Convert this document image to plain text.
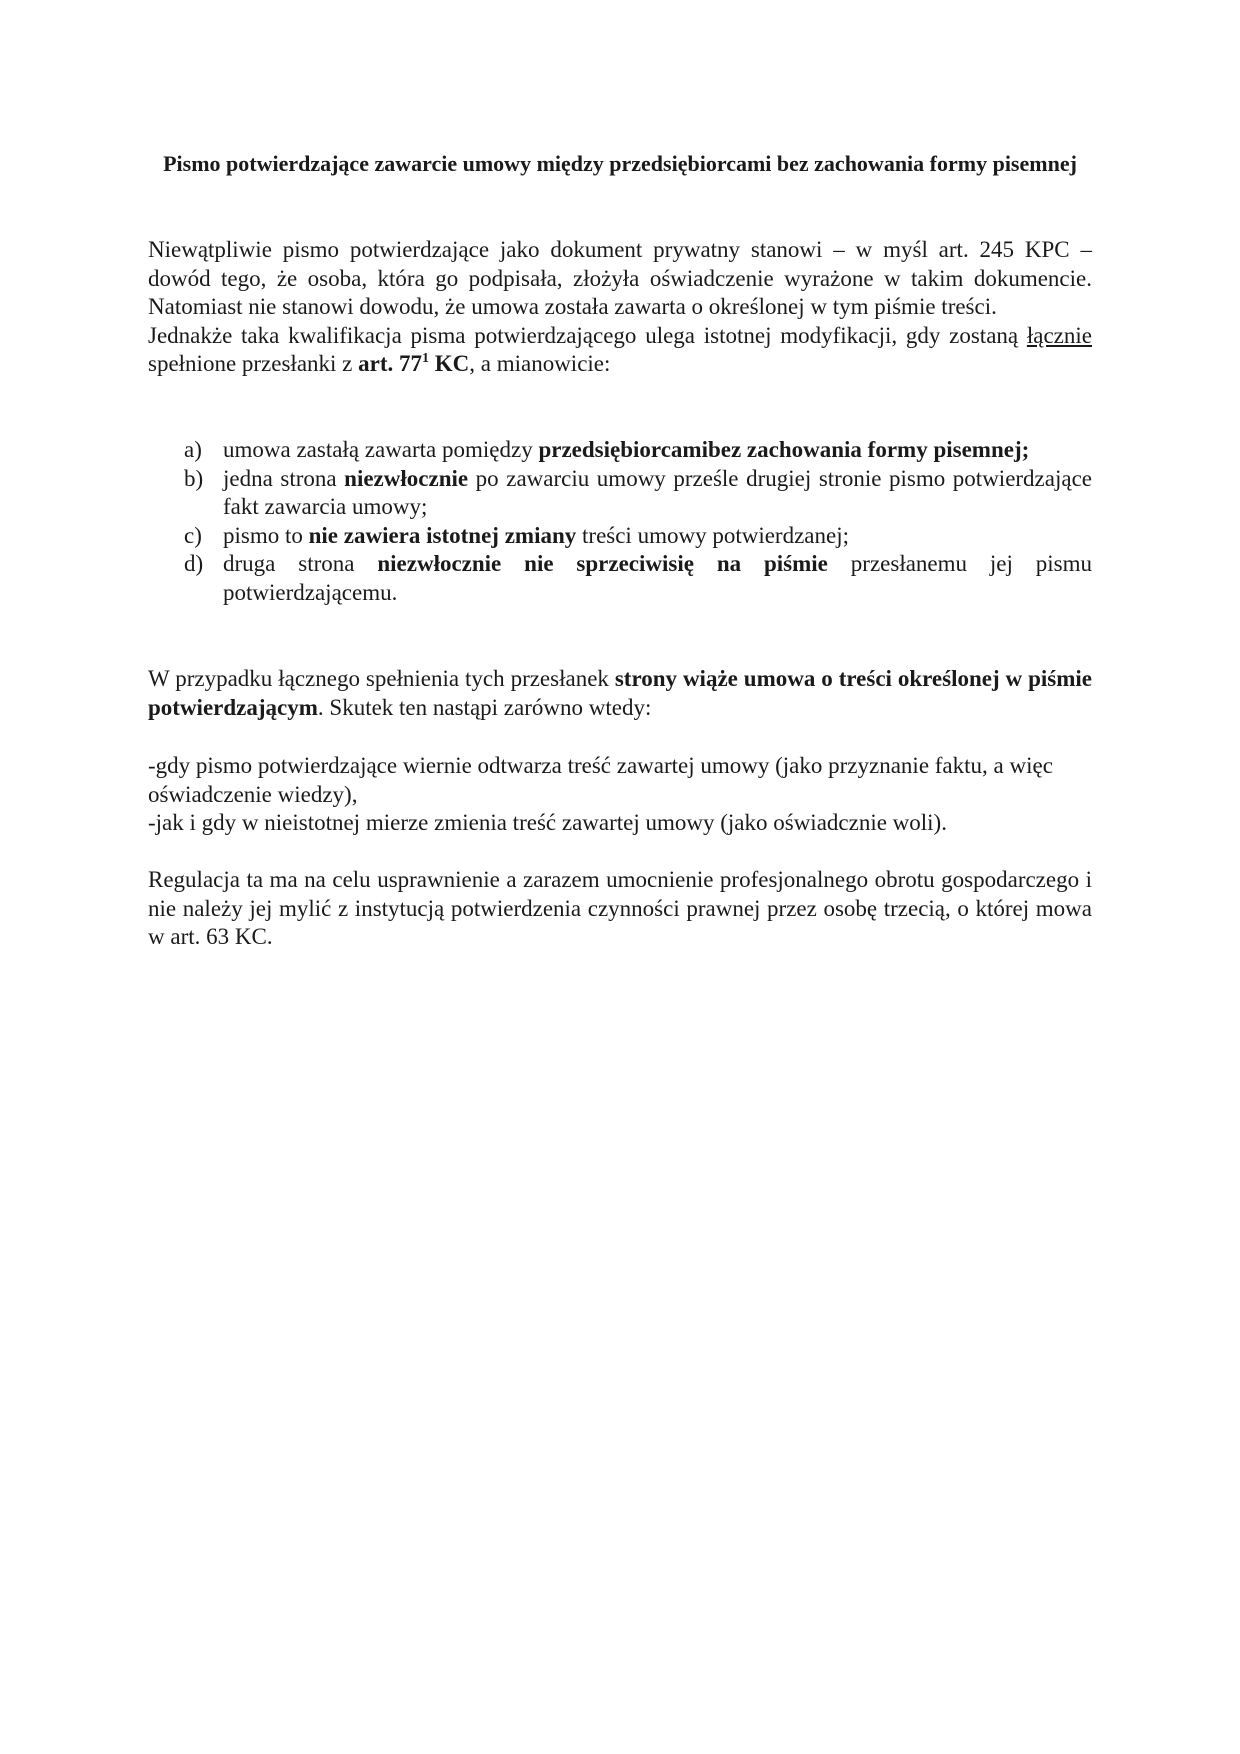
Pismo potwierdzające zawarcie umowy między przedsiębiorcami bez zachowania formy pisemnej

Niewątpliwie pismo potwierdzające jako dokument prywatny stanowi – w myśl art. 245 KPC – dowód tego, że osoba, która go podpisała, złożyła oświadczenie wyrażone w takim dokumencie. Natomiast nie stanowi dowodu, że umowa została zawarta o określonej w tym piśmie treści.

Jednakże taka kwalifikacja pisma potwierdzającego ulega istotnej modyfikacji, gdy zostaną łącznie spełnione przesłanki z art. $77^1$ KC, a mianowicie:

a) umowa zastałą zawarta pomiędzy przedsiębiorcamibez zachowania formy pisemnej;
b) jedna strona niezwłocznie po zawarciu umowy prześle drugiej stronie pismo potwierdzające fakt zawarcia umowy;
c) pismo to nie zawiera istotnej zmiany treści umowy potwierdzanej;
d) druga strona niezwłocznie nie sprzeciwisię na piśmie przesłanemu jej pismu potwierdzającemu.

W przypadku łącznego spełnienia tych przesłanek strony wiąże umowa o treści określonej w piśmie potwierdzającym. Skutek ten nastąpi zarówno wtedy:

-gdy pismo potwierdzające wiernie odtwarza treść zawartej umowy (jako przyznanie faktu, a więc oświadczenie wiedzy),

-jak i gdy w nieistotnej mierze zmienia treść zawartej umowy (jako oświadcznie woli).

Regulacja ta ma na celu usprawnienie a zarazem umocnienie profesjonalnego obrotu gospodarczego i nie należy jej mylić z instytucją potwierdzenia czynności prawnej przez osobę trzecią, o której mowa w art. 63 KC.
